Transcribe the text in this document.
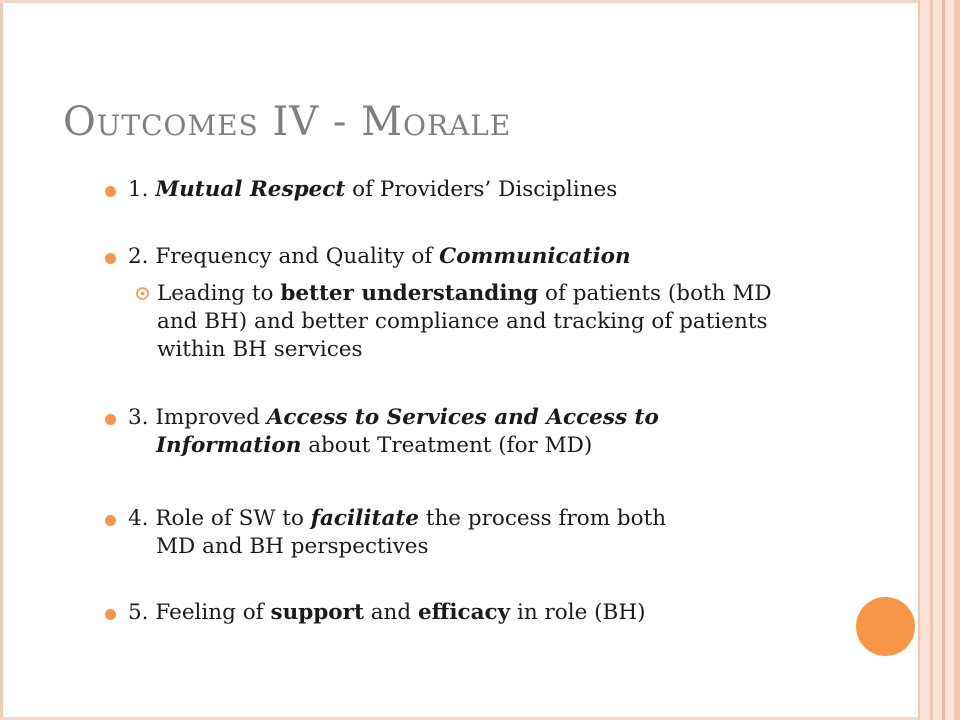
Outcomes IV - Morale
1. Mutual Respect of Providers’ Disciplines
2. Frequency and Quality of Communication
Leading to better understanding of patients (both MD and BH) and better compliance and tracking of patients within BH services
3. Improved Access to Services and Access to
Information about Treatment (for MD)
4. Role of SW to facilitate the process from both
MD and BH perspectives
5. Feeling of support and efficacy in role (BH)
